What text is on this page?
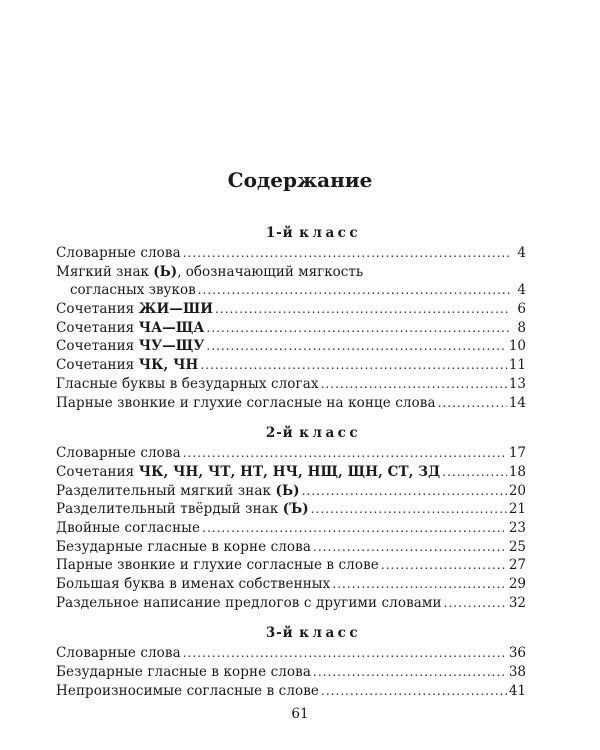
Содержание
1-й класс
Словарные слова . . .	4
Мягкий знак (Ь), обозначающий мягкость
согласных звуков . . .	4
Сочетания ЖИ—ШИ . . .	6
Сочетания ЧА—ЩА . . .	8
Сочетания ЧУ—ЩУ . . .	10
Сочетания ЧК, ЧН . . .	11
Гласные буквы в безударных слогах . . .	13
Парные звонкие и глухие согласные на конце слова . . .	14
2-й класс
Словарные слова . . .	17
Сочетания ЧК, ЧН, ЧТ, НТ, НЧ, НЩ, ЩН, СТ, ЗД . . .	18
Разделительный мягкий знак (Ь) . . .	20
Разделительный твёрдый знак (Ъ) . . .	21
Двойные согласные . . .	23
Безударные гласные в корне слова . . .	25
Парные звонкие и глухие согласные в слове . . .	27
Большая буква в именах собственных . . .	29
Раздельное написание предлогов с другими словами . . .	32
3-й класс
Словарные слова . . .	36
Безударные гласные в корне слова . . .	38
Непроизносимые согласные в слове . . .	41
61
